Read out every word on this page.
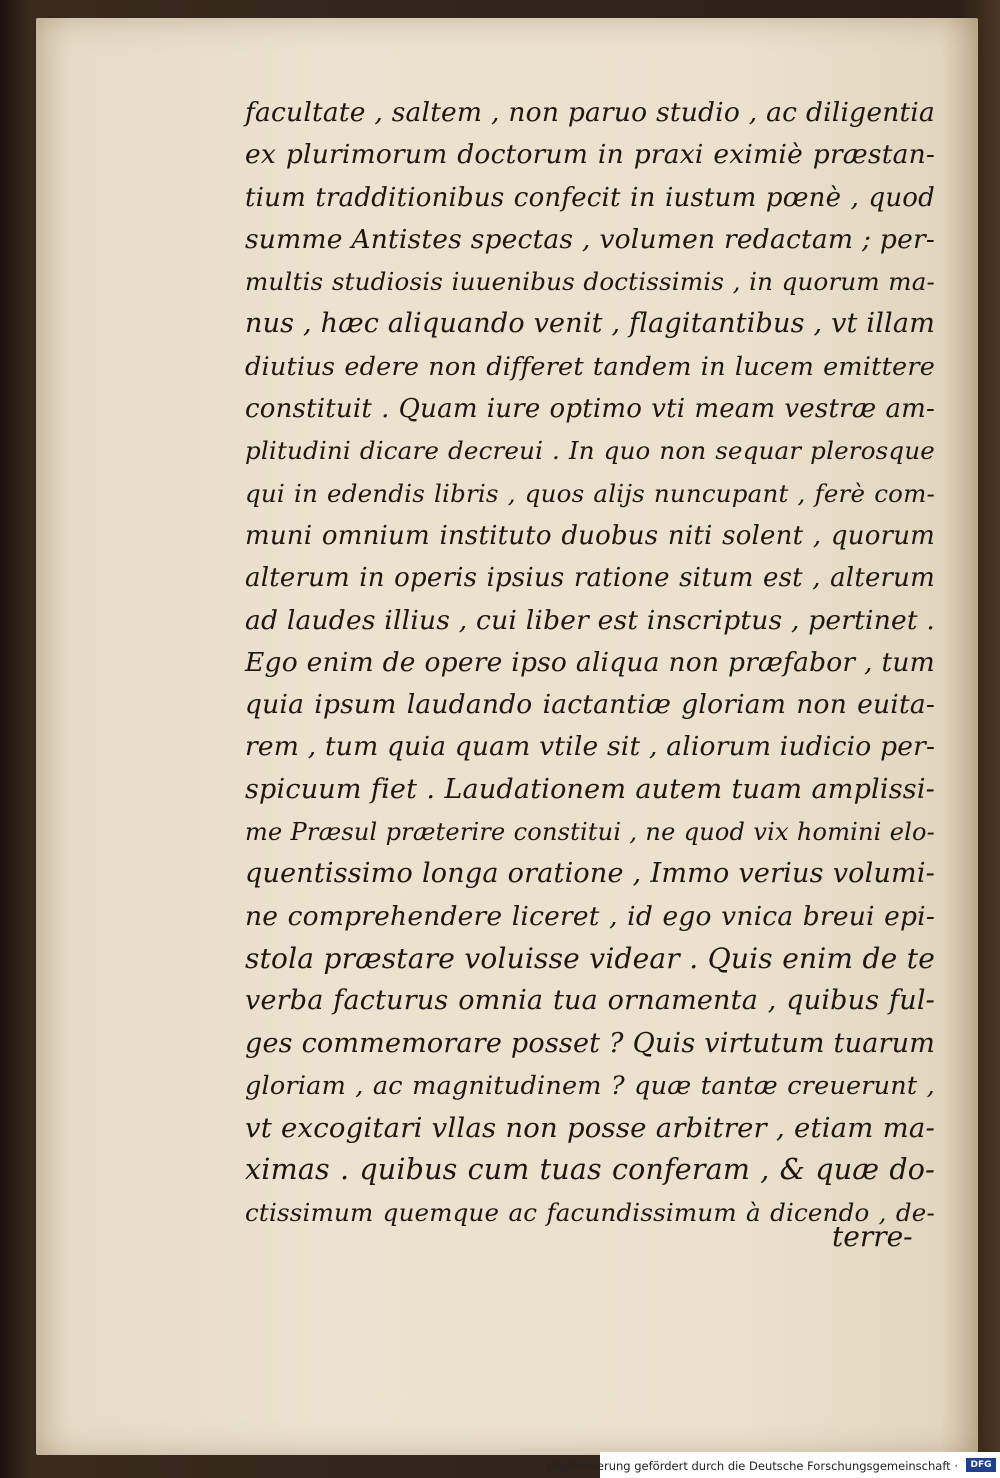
facultate , saltem , non paruo studio , ac diligentia
ex plurimorum doctorum in praxi eximiè præstan-
tium tradditionibus confecit in iustum pœnè , quod
summe Antistes spectas , volumen redactam ; per-
multis studiosis iuuenibus doctissimis , in quorum ma-
nus , hæc aliquando venit , flagitantibus , vt illam
diutius edere non differet tandem in lucem emittere
constituit . Quam iure optimo vti meam vestræ am-
plitudini dicare decreui . In quo non sequar plerosque
qui in edendis libris , quos alijs nuncupant , ferè com-
muni omnium instituto duobus niti solent , quorum
alterum in operis ipsius ratione situm est , alterum
ad laudes illius , cui liber est inscriptus , pertinet .
Ego enim de opere ipso aliqua non præfabor , tum
quia ipsum laudando iactantiæ gloriam non euita-
rem , tum quia quam vtile sit , aliorum iudicio per-
spicuum fiet . Laudationem autem tuam amplissi-
me Præsul præterire constitui , ne quod vix homini elo-
quentissimo longa oratione , Immo verius volumi-
ne comprehendere liceret , id ego vnica breui epi-
stola præstare voluisse videar . Quis enim de te
verba facturus omnia tua ornamenta , quibus ful-
ges commemorare posset ? Quis virtutum tuarum
gloriam , ac magnitudinem ? quæ tantæ creuerunt ,
vt excogitari vllas non posse arbitrer , etiam ma-
ximas . quibus cum tuas conferam , & quæ do-
ctissimum quemque ac facundissimum à dicendo , de-
terre-
Digitalisierung gefördert durch die Deutsche Forschungsgemeinschaft ·	DFG
